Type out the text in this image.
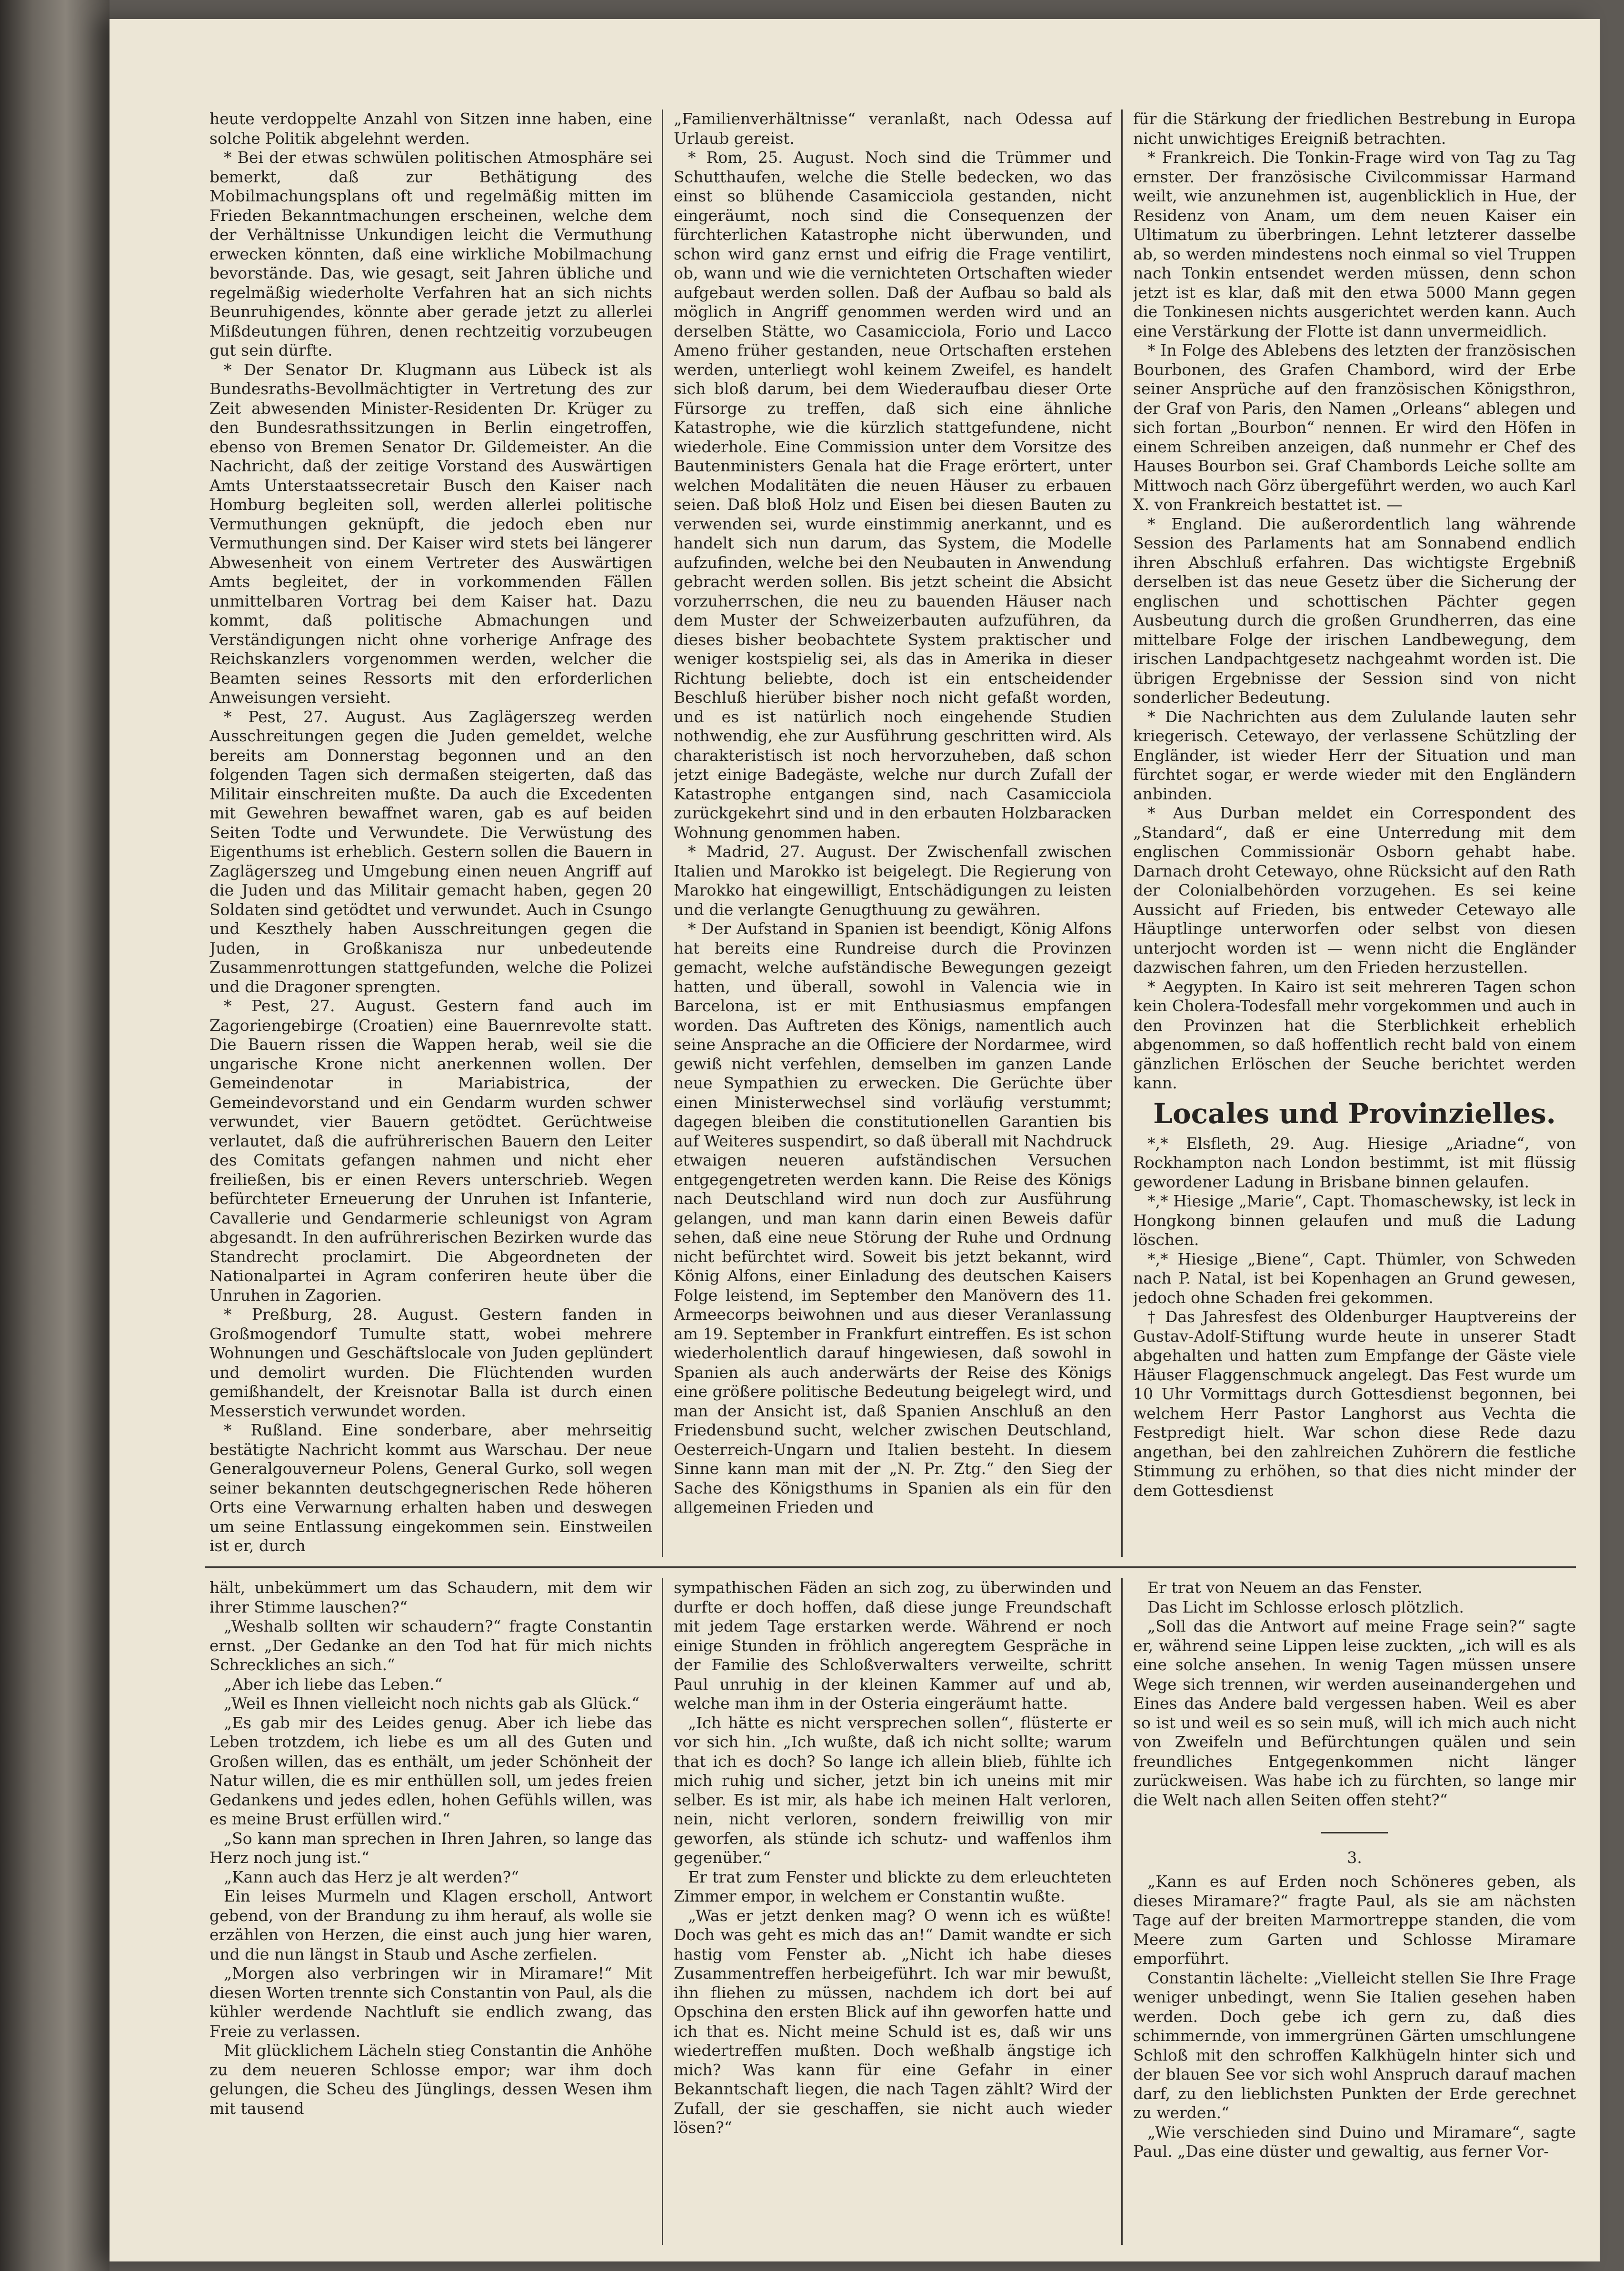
heute verdoppelte Anzahl von Sitzen inne haben, eine solche Politik abgelehnt werden.

* Bei der etwas schwülen politischen Atmosphäre sei bemerkt, daß zur Bethätigung des Mobilmachungsplans oft und regelmäßig mitten im Frieden Bekanntmachungen erscheinen, welche dem der Verhältnisse Unkundigen leicht die Vermuthung erwecken könnten, daß eine wirkliche Mobilmachung bevorstände. Das, wie gesagt, seit Jahren übliche und regelmäßig wiederholte Verfahren hat an sich nichts Beunruhigendes, könnte aber gerade jetzt zu allerlei Mißdeutungen führen, denen rechtzeitig vorzubeugen gut sein dürfte.

* Der Senator Dr. Klugmann aus Lübeck ist als Bundesraths-Bevollmächtigter in Vertretung des zur Zeit abwesenden Minister-Residenten Dr. Krüger zu den Bundesrathssitzungen in Berlin eingetroffen, ebenso von Bremen Senator Dr. Gildemeister. An die Nachricht, daß der zeitige Vorstand des Auswärtigen Amts Unterstaatssecretair Busch den Kaiser nach Homburg begleiten soll, werden allerlei politische Vermuthungen geknüpft, die jedoch eben nur Vermuthungen sind. Der Kaiser wird stets bei längerer Abwesenheit von einem Vertreter des Auswärtigen Amts begleitet, der in vorkommenden Fällen unmittelbaren Vortrag bei dem Kaiser hat. Dazu kommt, daß politische Abmachungen und Verständigungen nicht ohne vorherige Anfrage des Reichskanzlers vorgenommen werden, welcher die Beamten seines Ressorts mit den erforderlichen Anweisungen versieht.

* Pest, 27. August. Aus Zaglägerszeg werden Ausschreitungen gegen die Juden gemeldet, welche bereits am Donnerstag begonnen und an den folgenden Tagen sich dermaßen steigerten, daß das Militair einschreiten mußte. Da auch die Excedenten mit Gewehren bewaffnet waren, gab es auf beiden Seiten Todte und Verwundete. Die Verwüstung des Eigenthums ist erheblich. Gestern sollen die Bauern in Zaglägerszeg und Umgebung einen neuen Angriff auf die Juden und das Militair gemacht haben, gegen 20 Soldaten sind getödtet und verwundet. Auch in Csungo und Keszthely haben Ausschreitungen gegen die Juden, in Großkanisza nur unbedeutende Zusammenrottungen stattgefunden, welche die Polizei und die Dragoner sprengten.

* Pest, 27. August. Gestern fand auch im Zagoriengebirge (Croatien) eine Bauernrevolte statt. Die Bauern rissen die Wappen herab, weil sie die ungarische Krone nicht anerkennen wollen. Der Gemeindenotar in Mariabistrica, der Gemeindevorstand und ein Gendarm wurden schwer verwundet, vier Bauern getödtet. Gerüchtweise verlautet, daß die aufrührerischen Bauern den Leiter des Comitats gefangen nahmen und nicht eher freiließen, bis er einen Revers unterschrieb. Wegen befürchteter Erneuerung der Unruhen ist Infanterie, Cavallerie und Gendarmerie schleunigst von Agram abgesandt. In den aufrührerischen Bezirken wurde das Standrecht proclamirt. Die Abgeordneten der Nationalpartei in Agram conferiren heute über die Unruhen in Zagorien.

* Preßburg, 28. August. Gestern fanden in Großmogendorf Tumulte statt, wobei mehrere Wohnungen und Geschäftslocale von Juden geplündert und demolirt wurden. Die Flüchtenden wurden gemißhandelt, der Kreisnotar Balla ist durch einen Messerstich verwundet worden.

* Rußland. Eine sonderbare, aber mehrseitig bestätigte Nachricht kommt aus Warschau. Der neue Generalgouverneur Polens, General Gurko, soll wegen seiner bekannten deutschgegnerischen Rede höheren Orts eine Verwarnung erhalten haben und deswegen um seine Entlassung eingekommen sein. Einstweilen ist er, durch

„Familienverhältnisse“ veranlaßt, nach Odessa auf Urlaub gereist.

* Rom, 25. August. Noch sind die Trümmer und Schutthaufen, welche die Stelle bedecken, wo das einst so blühende Casamicciola gestanden, nicht eingeräumt, noch sind die Consequenzen der fürchterlichen Katastrophe nicht überwunden, und schon wird ganz ernst und eifrig die Frage ventilirt, ob, wann und wie die vernichteten Ortschaften wieder aufgebaut werden sollen. Daß der Aufbau so bald als möglich in Angriff genommen werden wird und an derselben Stätte, wo Casamicciola, Forio und Lacco Ameno früher gestanden, neue Ortschaften erstehen werden, unterliegt wohl keinem Zweifel, es handelt sich bloß darum, bei dem Wiederaufbau dieser Orte Fürsorge zu treffen, daß sich eine ähnliche Katastrophe, wie die kürzlich stattgefundene, nicht wiederhole. Eine Commission unter dem Vorsitze des Bautenministers Genala hat die Frage erörtert, unter welchen Modalitäten die neuen Häuser zu erbauen seien. Daß bloß Holz und Eisen bei diesen Bauten zu verwenden sei, wurde einstimmig anerkannt, und es handelt sich nun darum, das System, die Modelle aufzufinden, welche bei den Neubauten in Anwendung gebracht werden sollen. Bis jetzt scheint die Absicht vorzuherrschen, die neu zu bauenden Häuser nach dem Muster der Schweizerbauten aufzuführen, da dieses bisher beobachtete System praktischer und weniger kostspielig sei, als das in Amerika in dieser Richtung beliebte, doch ist ein entscheidender Beschluß hierüber bisher noch nicht gefaßt worden, und es ist natürlich noch eingehende Studien nothwendig, ehe zur Ausführung geschritten wird. Als charakteristisch ist noch hervorzuheben, daß schon jetzt einige Badegäste, welche nur durch Zufall der Katastrophe entgangen sind, nach Casamicciola zurückgekehrt sind und in den erbauten Holzbaracken Wohnung genommen haben.

* Madrid, 27. August. Der Zwischenfall zwischen Italien und Marokko ist beigelegt. Die Regierung von Marokko hat eingewilligt, Entschädigungen zu leisten und die verlangte Genugthuung zu gewähren.

* Der Aufstand in Spanien ist beendigt, König Alfons hat bereits eine Rundreise durch die Provinzen gemacht, welche aufständische Bewegungen gezeigt hatten, und überall, sowohl in Valencia wie in Barcelona, ist er mit Enthusiasmus empfangen worden. Das Auftreten des Königs, namentlich auch seine Ansprache an die Officiere der Nordarmee, wird gewiß nicht verfehlen, demselben im ganzen Lande neue Sympathien zu erwecken. Die Gerüchte über einen Ministerwechsel sind vorläufig verstummt; dagegen bleiben die constitutionellen Garantien bis auf Weiteres suspendirt, so daß überall mit Nachdruck etwaigen neueren aufständischen Versuchen entgegengetreten werden kann. Die Reise des Königs nach Deutschland wird nun doch zur Ausführung gelangen, und man kann darin einen Beweis dafür sehen, daß eine neue Störung der Ruhe und Ordnung nicht befürchtet wird. Soweit bis jetzt bekannt, wird König Alfons, einer Einladung des deutschen Kaisers Folge leistend, im September den Manövern des 11. Armeecorps beiwohnen und aus dieser Veranlassung am 19. September in Frankfurt eintreffen. Es ist schon wiederholentlich darauf hingewiesen, daß sowohl in Spanien als auch anderwärts der Reise des Königs eine größere politische Bedeutung beigelegt wird, und man der Ansicht ist, daß Spanien Anschluß an den Friedensbund sucht, welcher zwischen Deutschland, Oesterreich-Ungarn und Italien besteht. In diesem Sinne kann man mit der „N. Pr. Ztg.“ den Sieg der Sache des Königsthums in Spanien als ein für den allgemeinen Frieden und

für die Stärkung der friedlichen Bestrebung in Europa nicht unwichtiges Ereigniß betrachten.

* Frankreich. Die Tonkin-Frage wird von Tag zu Tag ernster. Der französische Civilcommissar Harmand weilt, wie anzunehmen ist, augenblicklich in Hue, der Residenz von Anam, um dem neuen Kaiser ein Ultimatum zu überbringen. Lehnt letzterer dasselbe ab, so werden mindestens noch einmal so viel Truppen nach Tonkin entsendet werden müssen, denn schon jetzt ist es klar, daß mit den etwa 5000 Mann gegen die Tonkinesen nichts ausgerichtet werden kann. Auch eine Verstärkung der Flotte ist dann unvermeidlich.

* In Folge des Ablebens des letzten der französischen Bourbonen, des Grafen Chambord, wird der Erbe seiner Ansprüche auf den französischen Königsthron, der Graf von Paris, den Namen „Orleans“ ablegen und sich fortan „Bourbon“ nennen. Er wird den Höfen in einem Schreiben anzeigen, daß nunmehr er Chef des Hauses Bourbon sei. Graf Chambords Leiche sollte am Mittwoch nach Görz übergeführt werden, wo auch Karl X. von Frankreich bestattet ist. —

* England. Die außerordentlich lang währende Session des Parlaments hat am Sonnabend endlich ihren Abschluß erfahren. Das wichtigste Ergebniß derselben ist das neue Gesetz über die Sicherung der englischen und schottischen Pächter gegen Ausbeutung durch die großen Grundherren, das eine mittelbare Folge der irischen Landbewegung, dem irischen Landpachtgesetz nachgeahmt worden ist. Die übrigen Ergebnisse der Session sind von nicht sonderlicher Bedeutung.

* Die Nachrichten aus dem Zululande lauten sehr kriegerisch. Cetewayo, der verlassene Schützling der Engländer, ist wieder Herr der Situation und man fürchtet sogar, er werde wieder mit den Engländern anbinden.

* Aus Durban meldet ein Correspondent des „Standard“, daß er eine Unterredung mit dem englischen Commissionär Osborn gehabt habe. Darnach droht Cetewayo, ohne Rücksicht auf den Rath der Colonialbehörden vorzugehen. Es sei keine Aussicht auf Frieden, bis entweder Cetewayo alle Häuptlinge unterworfen oder selbst von diesen unterjocht worden ist — wenn nicht die Engländer dazwischen fahren, um den Frieden herzustellen.

* Aegypten. In Kairo ist seit mehreren Tagen schon kein Cholera-Todesfall mehr vorgekommen und auch in den Provinzen hat die Sterblichkeit erheblich abgenommen, so daß hoffentlich recht bald von einem gänzlichen Erlöschen der Seuche berichtet werden kann.

Locales und Provinzielles.

*,* Elsfleth, 29. Aug. Hiesige „Ariadne“, von Rockhampton nach London bestimmt, ist mit flüssig gewordener Ladung in Brisbane binnen gelaufen.

*,* Hiesige „Marie“, Capt. Thomaschewsky, ist leck in Hongkong binnen gelaufen und muß die Ladung löschen.

*,* Hiesige „Biene“, Capt. Thümler, von Schweden nach P. Natal, ist bei Kopenhagen an Grund gewesen, jedoch ohne Schaden frei gekommen.

† Das Jahresfest des Oldenburger Hauptvereins der Gustav-Adolf-Stiftung wurde heute in unserer Stadt abgehalten und hatten zum Empfange der Gäste viele Häuser Flaggenschmuck angelegt. Das Fest wurde um 10 Uhr Vormittags durch Gottesdienst begonnen, bei welchem Herr Pastor Langhorst aus Vechta die Festpredigt hielt. War schon diese Rede dazu angethan, bei den zahlreichen Zuhörern die festliche Stimmung zu erhöhen, so that dies nicht minder der dem Gottesdienst

hält, unbekümmert um das Schaudern, mit dem wir ihrer Stimme lauschen?“

„Weshalb sollten wir schaudern?“ fragte Constantin ernst. „Der Gedanke an den Tod hat für mich nichts Schreckliches an sich.“

„Aber ich liebe das Leben.“

„Weil es Ihnen vielleicht noch nichts gab als Glück.“

„Es gab mir des Leides genug. Aber ich liebe das Leben trotzdem, ich liebe es um all des Guten und Großen willen, das es enthält, um jeder Schönheit der Natur willen, die es mir enthüllen soll, um jedes freien Gedankens und jedes edlen, hohen Gefühls willen, was es meine Brust erfüllen wird.“

„So kann man sprechen in Ihren Jahren, so lange das Herz noch jung ist.“

„Kann auch das Herz je alt werden?“

Ein leises Murmeln und Klagen erscholl, Antwort gebend, von der Brandung zu ihm herauf, als wolle sie erzählen von Herzen, die einst auch jung hier waren, und die nun längst in Staub und Asche zerfielen.

„Morgen also verbringen wir in Miramare!“ Mit diesen Worten trennte sich Constantin von Paul, als die kühler werdende Nachtluft sie endlich zwang, das Freie zu verlassen.

Mit glücklichem Lächeln stieg Constantin die Anhöhe zu dem neueren Schlosse empor; war ihm doch gelungen, die Scheu des Jünglings, dessen Wesen ihm mit tausend

sympathischen Fäden an sich zog, zu überwinden und durfte er doch hoffen, daß diese junge Freundschaft mit jedem Tage erstarken werde. Während er noch einige Stunden in fröhlich angeregtem Gespräche in der Familie des Schloßverwalters verweilte, schritt Paul unruhig in der kleinen Kammer auf und ab, welche man ihm in der Osteria eingeräumt hatte.

„Ich hätte es nicht versprechen sollen“, flüsterte er vor sich hin. „Ich wußte, daß ich nicht sollte; warum that ich es doch? So lange ich allein blieb, fühlte ich mich ruhig und sicher, jetzt bin ich uneins mit mir selber. Es ist mir, als habe ich meinen Halt verloren, nein, nicht verloren, sondern freiwillig von mir geworfen, als stünde ich schutz- und waffenlos ihm gegenüber.“

Er trat zum Fenster und blickte zu dem erleuchteten Zimmer empor, in welchem er Constantin wußte.

„Was er jetzt denken mag? O wenn ich es wüßte! Doch was geht es mich das an!“ Damit wandte er sich hastig vom Fenster ab. „Nicht ich habe dieses Zusammentreffen herbeigeführt. Ich war mir bewußt, ihn fliehen zu müssen, nachdem ich dort bei auf Opschina den ersten Blick auf ihn geworfen hatte und ich that es. Nicht meine Schuld ist es, daß wir uns wiedertreffen mußten. Doch weßhalb ängstige ich mich? Was kann für eine Gefahr in einer Bekanntschaft liegen, die nach Tagen zählt? Wird der Zufall, der sie geschaffen, sie nicht auch wieder lösen?“

Er trat von Neuem an das Fenster.

Das Licht im Schlosse erlosch plötzlich.

„Soll das die Antwort auf meine Frage sein?“ sagte er, während seine Lippen leise zuckten, „ich will es als eine solche ansehen. In wenig Tagen müssen unsere Wege sich trennen, wir werden auseinandergehen und Eines das Andere bald vergessen haben. Weil es aber so ist und weil es so sein muß, will ich mich auch nicht von Zweifeln und Befürchtungen quälen und sein freundliches Entgegenkommen nicht länger zurückweisen. Was habe ich zu fürchten, so lange mir die Welt nach allen Seiten offen steht?“

3.

„Kann es auf Erden noch Schöneres geben, als dieses Miramare?“ fragte Paul, als sie am nächsten Tage auf der breiten Marmortreppe standen, die vom Meere zum Garten und Schlosse Miramare emporführt.

Constantin lächelte: „Vielleicht stellen Sie Ihre Frage weniger unbedingt, wenn Sie Italien gesehen haben werden. Doch gebe ich gern zu, daß dies schimmernde, von immergrünen Gärten umschlungene Schloß mit den schroffen Kalkhügeln hinter sich und der blauen See vor sich wohl Anspruch darauf machen darf, zu den lieblichsten Punkten der Erde gerechnet zu werden.“

„Wie verschieden sind Duino und Miramare“, sagte Paul. „Das eine düster und gewaltig, aus ferner Vor-
